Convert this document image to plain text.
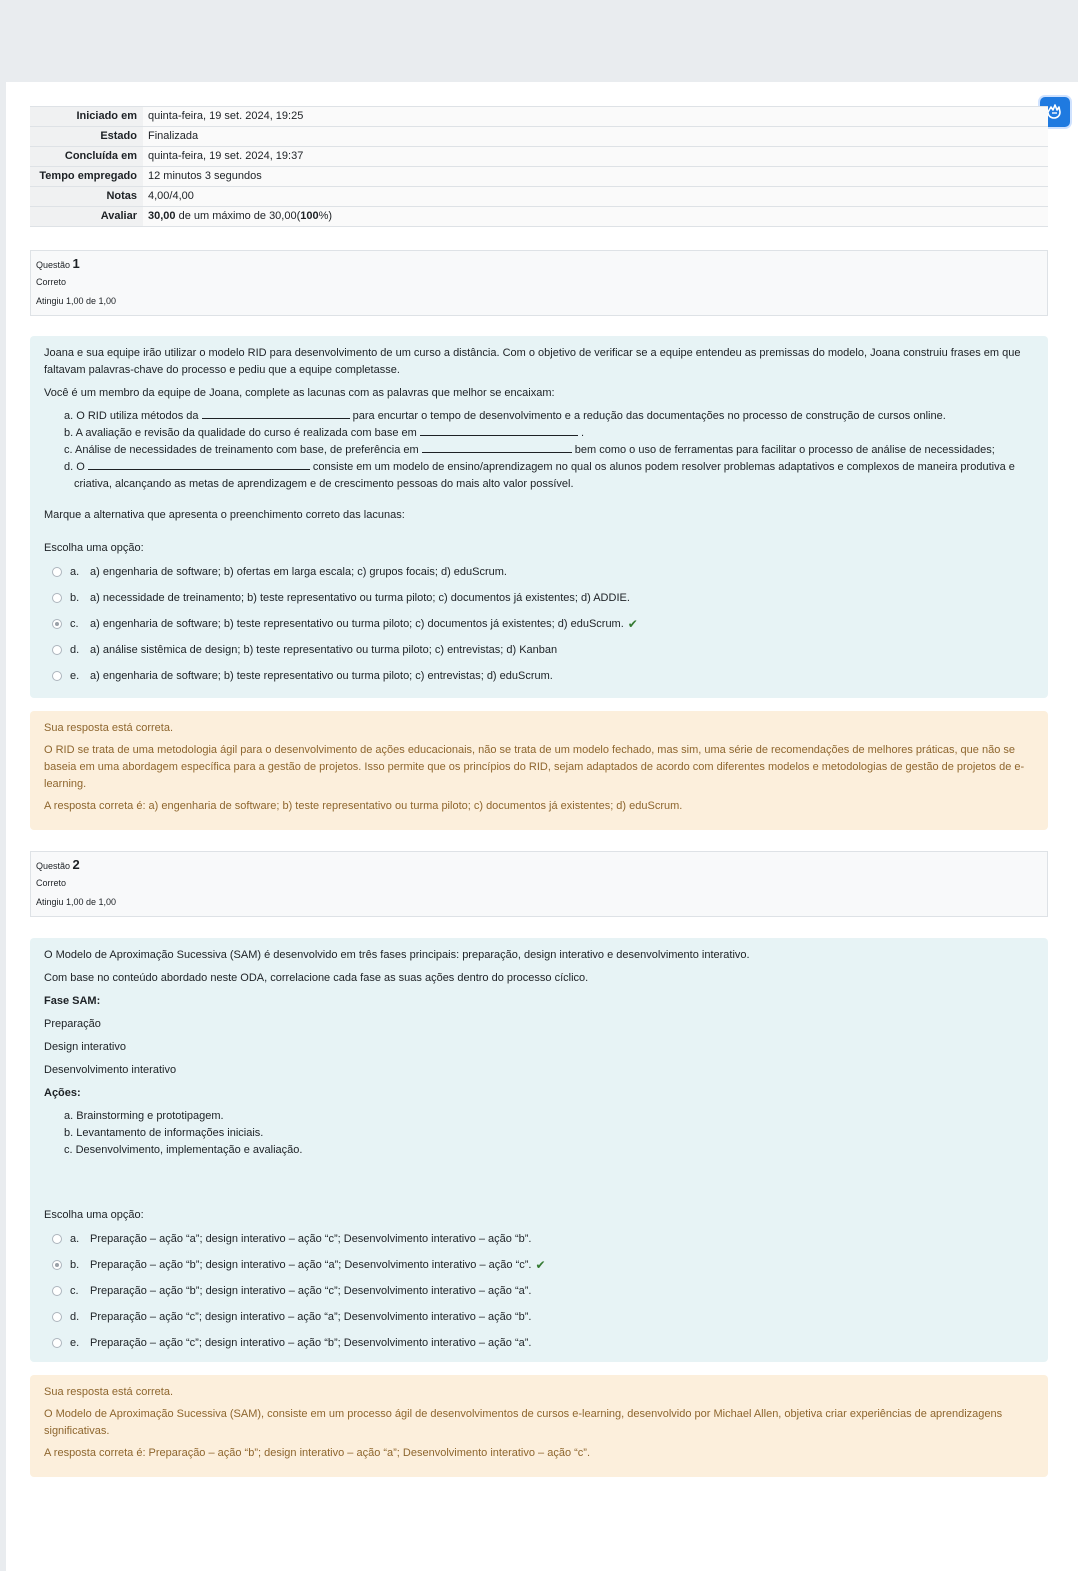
Iniciado em	quinta-feira, 19 set. 2024, 19:25
Estado	Finalizada
Concluída em	quinta-feira, 19 set. 2024, 19:37
Tempo empregado	12 minutos 3 segundos
Notas	4,00/4,00
Avaliar	30,00 de um máximo de 30,00(100%)
Questão 1
Correto
Atingiu 1,00 de 1,00

Joana e sua equipe irão utilizar o modelo RID para desenvolvimento de um curso a distância. Com o objetivo de verificar se a equipe entendeu as premissas do modelo, Joana construiu frases em que faltavam palavras-chave do processo e pediu que a equipe completasse.

Você é um membro da equipe de Joana, complete as lacunas com as palavras que melhor se encaixam:

a. O RID utiliza métodos da	para encurtar o tempo de desenvolvimento e a redução das documentações no processo de construção de cursos online.
b. A avaliação e revisão da qualidade do curso é realizada com base em	.
c. Análise de necessidades de treinamento com base, de preferência em	bem como o uso de ferramentas para facilitar o processo de análise de necessidades;
d. O	consiste em um modelo de ensino/aprendizagem no qual os alunos podem resolver problemas adaptativos e complexos de maneira produtiva e criativa, alcançando as metas de aprendizagem e de crescimento pessoas do mais alto valor possível.

Marque a alternativa que apresenta o preenchimento correto das lacunas:

Escolha uma opção:

a. a) engenharia de software; b) ofertas em larga escala; c) grupos focais; d) eduScrum.
b. a) necessidade de treinamento; b) teste representativo ou turma piloto; c) documentos já existentes; d) ADDIE.
c.	a) engenharia de software; b) teste representativo ou turma piloto; c) documentos já existentes; d) eduScrum. ✔
d. a) análise sistêmica de design; b) teste representativo ou turma piloto; c) entrevistas; d) Kanban
e. a) engenharia de software; b) teste representativo ou turma piloto; c) entrevistas; d) eduScrum.

Sua resposta está correta.

O RID se trata de uma metodologia ágil para o desenvolvimento de ações educacionais, não se trata de um modelo fechado, mas sim, uma série de recomendações de melhores práticas, que não se baseia em uma abordagem específica para a gestão de projetos. Isso permite que os princípios do RID, sejam adaptados de acordo com diferentes modelos e metodologias de gestão de projetos de e-learning.

A resposta correta é: a) engenharia de software; b) teste representativo ou turma piloto; c) documentos já existentes; d) eduScrum.

Questão 2
Correto
Atingiu 1,00 de 1,00

O Modelo de Aproximação Sucessiva (SAM) é desenvolvido em três fases principais: preparação, design interativo e desenvolvimento interativo.

Com base no conteúdo abordado neste ODA, correlacione cada fase as suas ações dentro do processo cíclico.

Fase SAM:

Preparação

Design interativo

Desenvolvimento interativo

Ações:

a. Brainstorming e prototipagem.
b. Levantamento de informações iniciais.
c. Desenvolvimento, implementação e avaliação.

Escolha uma opção:

a. Preparação – ação “a”; design interativo – ação “c”; Desenvolvimento interativo – ação “b”.
b. Preparação – ação “b”; design interativo – ação “a”; Desenvolvimento interativo – ação “c”. ✔
c.	Preparação – ação “b”; design interativo – ação “c”; Desenvolvimento interativo – ação “a”.
d. Preparação – ação “c”; design interativo – ação “a”; Desenvolvimento interativo – ação “b”.
e. Preparação – ação “c”; design interativo – ação “b”; Desenvolvimento interativo – ação “a”.

Sua resposta está correta.

O Modelo de Aproximação Sucessiva (SAM), consiste em um processo ágil de desenvolvimentos de cursos e-learning, desenvolvido por Michael Allen, objetiva criar experiências de aprendizagens significativas.

A resposta correta é: Preparação – ação “b”; design interativo – ação “a”; Desenvolvimento interativo – ação “c”.
